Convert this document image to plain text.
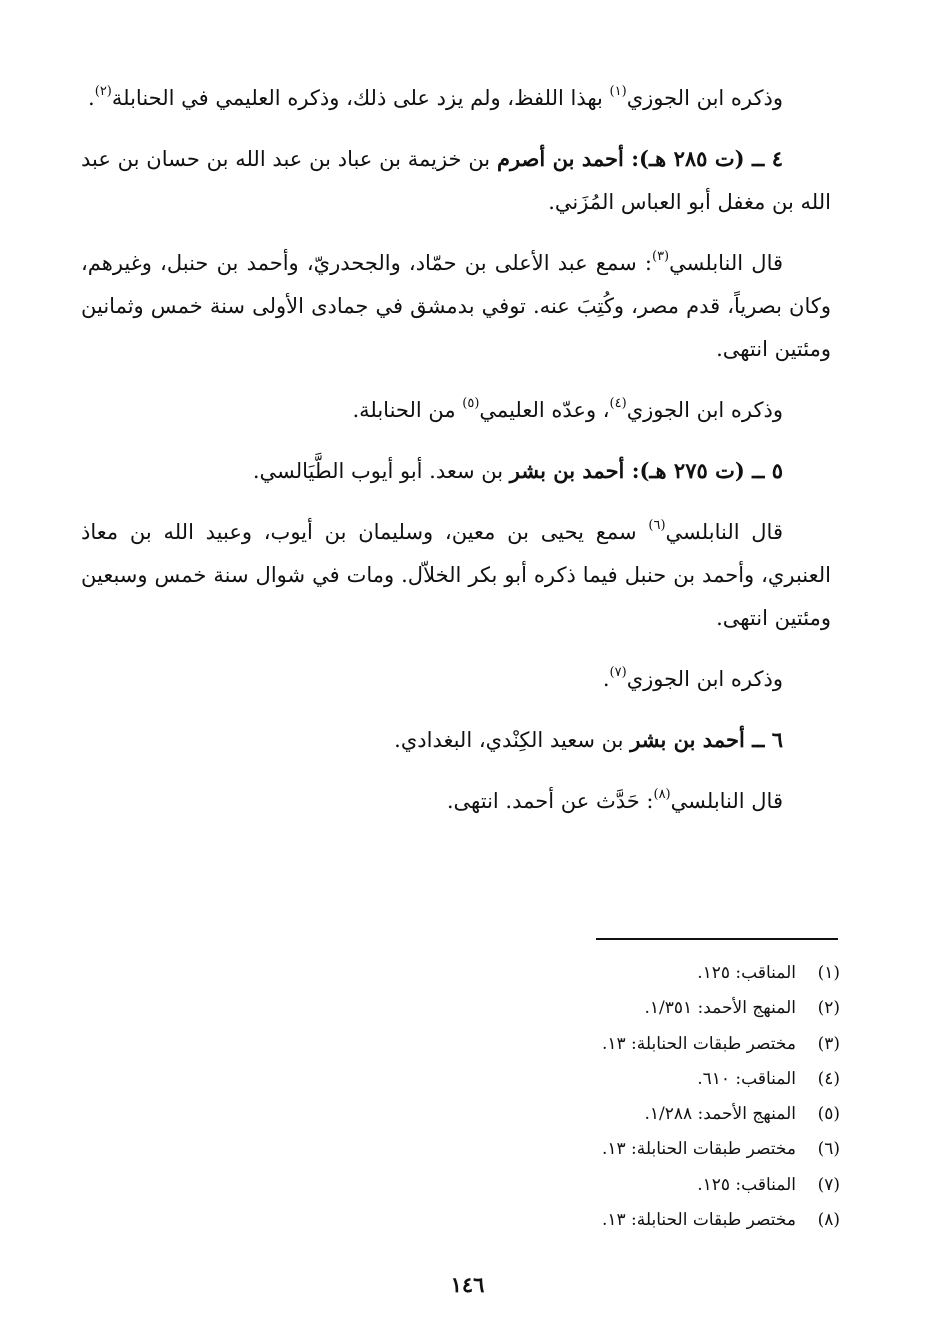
وذكره ابن الجوزي$^{(١)}$ بهذا اللفظ، ولم يزد على ذلك، وذكره العليمي في الحنابلة$^{(٢)}$.

٤ ــ (ت ٢٨٥ هـ): أحمد بن أصرم بن خزيمة بن عباد بن عبد الله بن حسان بن عبد الله بن مغفل أبو العباس المُزَني.

قال النابلسي$^{(٣)}$: سمع عبد الأعلى بن حمّاد، والجحدريّ، وأحمد بن حنبل، وغيرهم، وكان بصرياً، قدم مصر، وكُتِبَ عنه. توفي بدمشق في جمادى الأولى سنة خمس وثمانين ومئتين انتهى.

وذكره ابن الجوزي$^{(٤)}$، وعدّه العليمي$^{(٥)}$ من الحنابلة.

٥ ــ (ت ٢٧٥ هـ): أحمد بن بشر بن سعد. أبو أيوب الطَّيَالسي.

قال النابلسي$^{(٦)}$ سمع يحيى بن معين، وسليمان بن أيوب، وعبيد الله بن معاذ العنبري، وأحمد بن حنبل فيما ذكره أبو بكر الخلاّل. ومات في شوال سنة خمس وسبعين ومئتين انتهى.

وذكره ابن الجوزي$^{(٧)}$.

٦ ــ أحمد بن بشر بن سعيد الكِنْدي، البغدادي.

قال النابلسي$^{(٨)}$: حَدَّث عن أحمد. انتهى.

(١)
المناقب: ١٢٥.
(٢)
المنهج الأحمد: ١/٣٥١.
(٣)
مختصر طبقات الحنابلة: ١٣.
(٤)
المناقب: ٦١٠.
(٥)
المنهج الأحمد: ١/٢٨٨.
(٦)
مختصر طبقات الحنابلة: ١٣.
(٧)
المناقب: ١٢٥.
(٨)
مختصر طبقات الحنابلة: ١٣.
١٤٦
